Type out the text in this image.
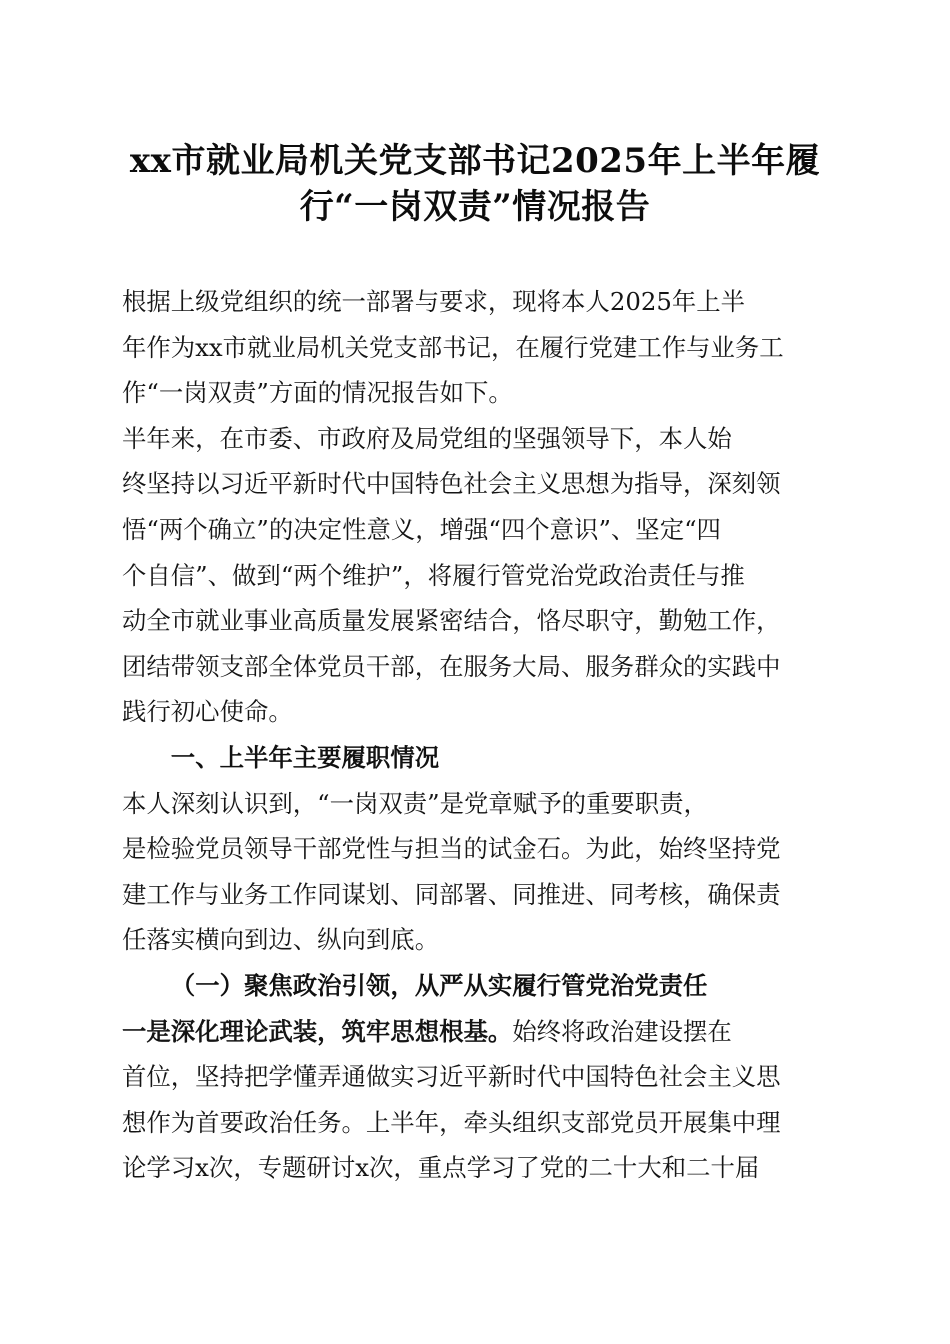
xx市就业局机关党支部书记2025年上半年履
行“一岗双责”情况报告

根据上级党组织的统一部署与要求，现将本人2025年上半
年作为xx市就业局机关党支部书记，在履行党建工作与业务工
作“一岗双责”方面的情况报告如下。

半年来，在市委、市政府及局党组的坚强领导下，本人始
终坚持以习近平新时代中国特色社会主义思想为指导，深刻领
悟“两个确立”的决定性意义，增强“四个意识”、坚定“四
个自信”、做到“两个维护”，将履行管党治党政治责任与推
动全市就业事业高质量发展紧密结合，恪尽职守，勤勉工作，
团结带领支部全体党员干部，在服务大局、服务群众的实践中
践行初心使命。

一、上半年主要履职情况

本人深刻认识到，“一岗双责”是党章赋予的重要职责，
是检验党员领导干部党性与担当的试金石。为此，始终坚持党
建工作与业务工作同谋划、同部署、同推进、同考核，确保责
任落实横向到边、纵向到底。

（一）聚焦政治引领，从严从实履行管党治党责任

一是深化理论武装，筑牢思想根基。始终将政治建设摆在
首位，坚持把学懂弄通做实习近平新时代中国特色社会主义思
想作为首要政治任务。上半年，牵头组织支部党员开展集中理
论学习x次，专题研讨x次，重点学习了党的二十大和二十届
